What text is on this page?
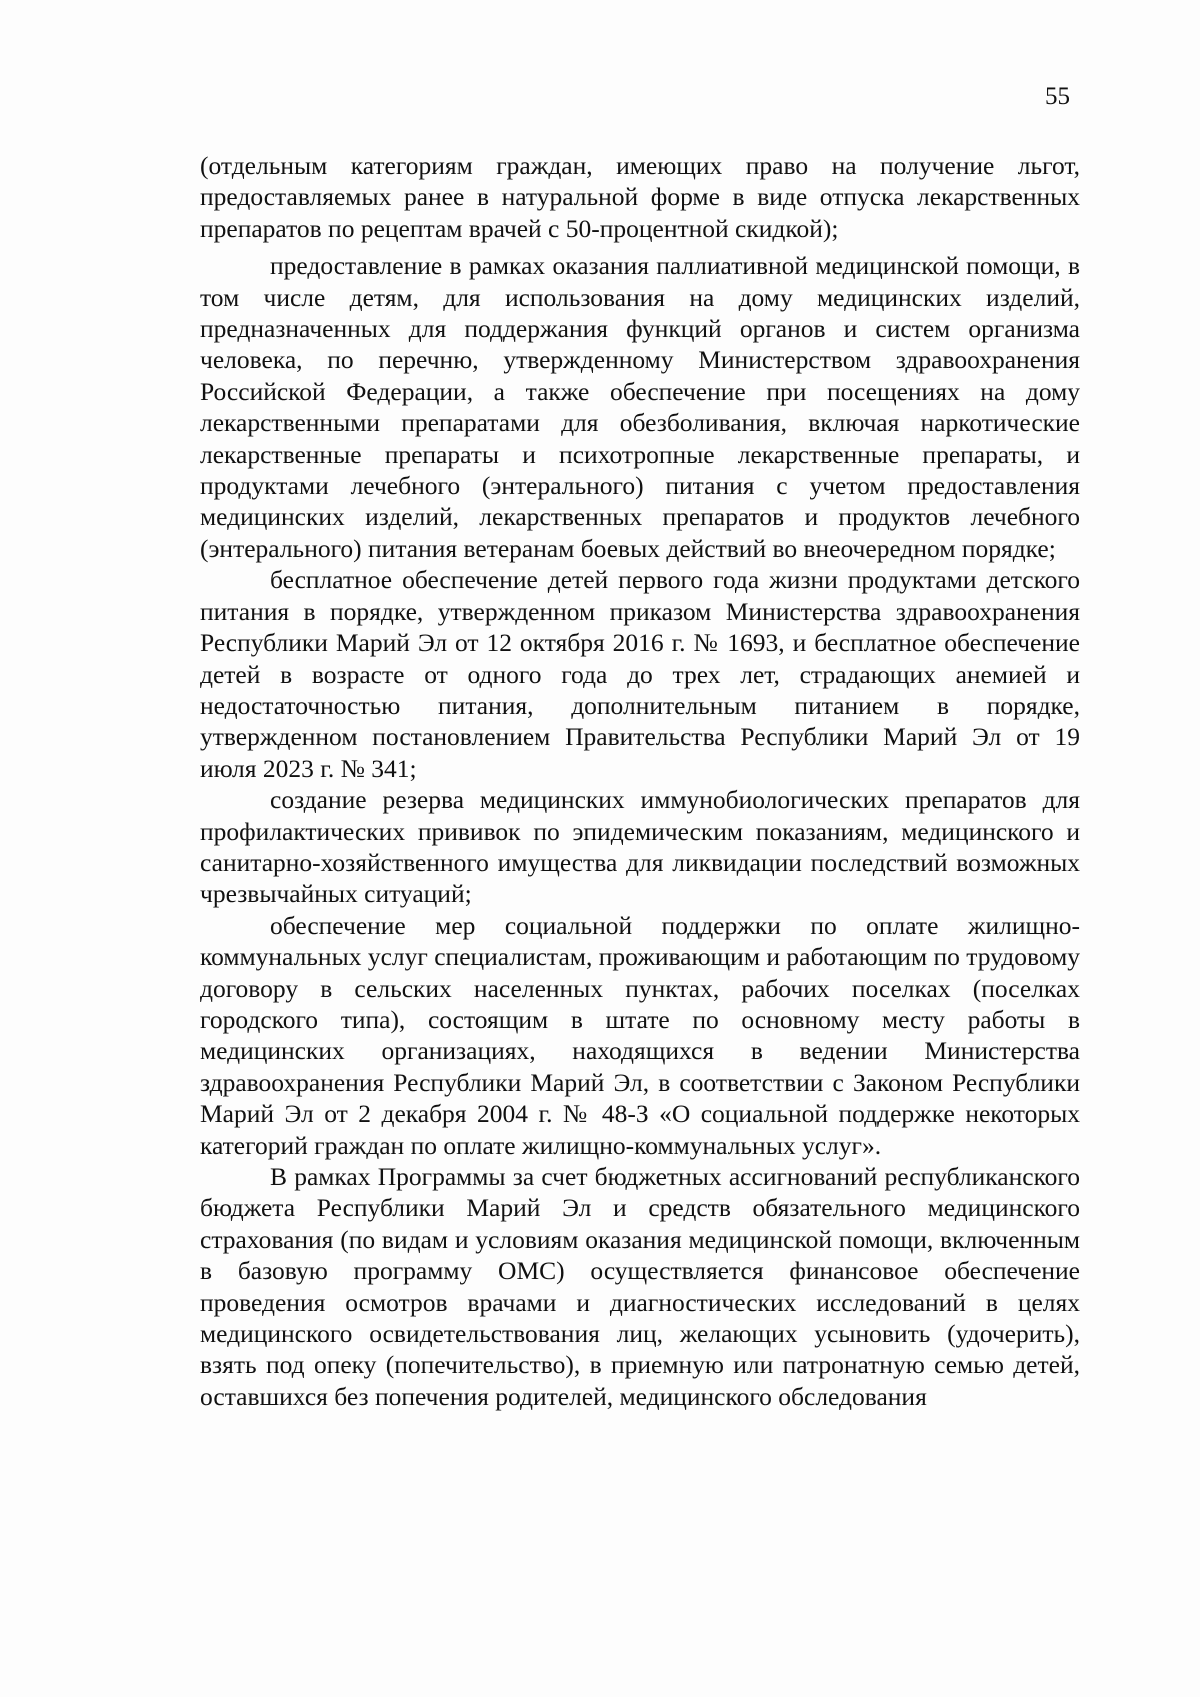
55

(отдельным категориям граждан, имеющих право на получение льгот, предоставляемых ранее в натуральной форме в виде отпуска лекарственных препаратов по рецептам врачей с 50-процентной скидкой);

предоставление в рамках оказания паллиативной медицинской помощи, в том числе детям, для использования на дому медицинских изделий, предназначенных для поддержания функций органов и систем организма человека, по перечню, утвержденному Министерством здравоохранения Российской Федерации, а также обеспечение при посещениях на дому лекарственными препаратами для обезболивания, включая наркотические лекарственные препараты и психотропные лекарственные препараты, и продуктами лечебного (энтерального) питания с учетом предоставления медицинских изделий, лекарственных препаратов и продуктов лечебного (энтерального) питания ветеранам боевых действий во внеочередном порядке;

бесплатное обеспечение детей первого года жизни продуктами детского питания в порядке, утвержденном приказом Министерства здравоохранения Республики Марий Эл от 12 октября 2016 г. № 1693, и бесплатное обеспечение детей в возрасте от одного года до трех лет, страдающих анемией и недостаточностью питания, дополнительным питанием в порядке, утвержденном постановлением Правительства Республики Марий Эл от 19 июля 2023 г. № 341;

создание резерва медицинских иммунобиологических препаратов для профилактических прививок по эпидемическим показаниям, медицинского и санитарно-хозяйственного имущества для ликвидации последствий возможных чрезвычайных ситуаций;

обеспечение мер социальной поддержки по оплате жилищно-коммунальных услуг специалистам, проживающим и работающим по трудовому договору в сельских населенных пунктах, рабочих поселках (поселках городского типа), состоящим в штате по основному месту работы в медицинских организациях, находящихся в ведении Министерства здравоохранения Республики Марий Эл, в соответствии с Законом Республики Марий Эл от 2 декабря 2004 г. № 48-З «О социальной поддержке некоторых категорий граждан по оплате жилищно-коммунальных услуг».

В рамках Программы за счет бюджетных ассигнований республиканского бюджета Республики Марий Эл и средств обязательного медицинского страхования (по видам и условиям оказания медицинской помощи, включенным в базовую программу ОМС) осуществляется финансовое обеспечение проведения осмотров врачами и диагностических исследований в целях медицинского освидетельствования лиц, желающих усыновить (удочерить), взять под опеку (попечительство), в приемную или патронатную семью детей, оставшихся без попечения родителей, медицинского обследования
